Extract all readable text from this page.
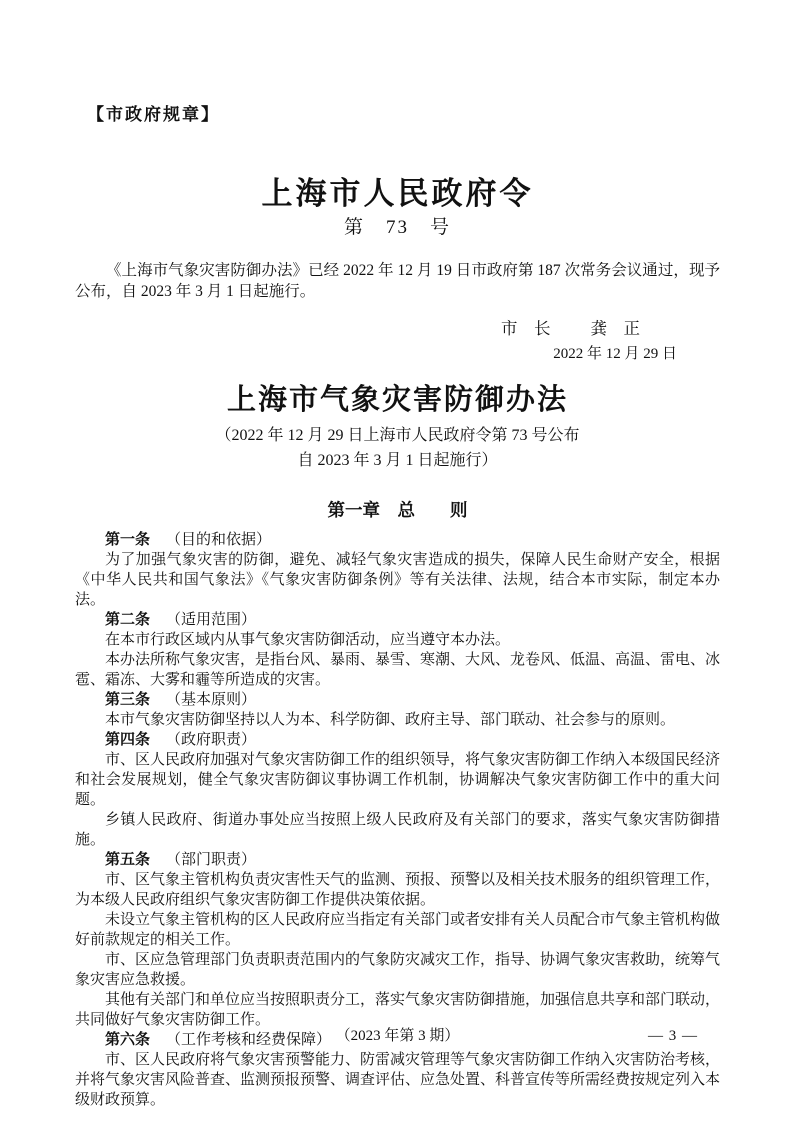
【市政府规章】
上海市人民政府令
第　73　号

《上海市气象灾害防御办法》已经 2022 年 12 月 19 日市政府第 187 次常务会议通过，现予公布，自 2023 年 3 月 1 日起施行。

市　长 龚　正
2022 年 12 月 29 日
上海市气象灾害防御办法
（2022 年 12 月 29 日上海市人民政府令第 73 号公布
自 2023 年 3 月 1 日起施行）
第一章　总　　则

第一条 （目的和依据）

为了加强气象灾害的防御，避免、减轻气象灾害造成的损失，保障人民生命财产安全，根据《中华人民共和国气象法》《气象灾害防御条例》等有关法律、法规，结合本市实际，制定本办法。

第二条 （适用范围）

在本市行政区域内从事气象灾害防御活动，应当遵守本办法。

本办法所称气象灾害，是指台风、暴雨、暴雪、寒潮、大风、龙卷风、低温、高温、雷电、冰雹、霜冻、大雾和霾等所造成的灾害。

第三条 （基本原则）

本市气象灾害防御坚持以人为本、科学防御、政府主导、部门联动、社会参与的原则。

第四条 （政府职责）

市、区人民政府加强对气象灾害防御工作的组织领导，将气象灾害防御工作纳入本级国民经济和社会发展规划，健全气象灾害防御议事协调工作机制，协调解决气象灾害防御工作中的重大问题。

乡镇人民政府、街道办事处应当按照上级人民政府及有关部门的要求，落实气象灾害防御措施。

第五条 （部门职责）

市、区气象主管机构负责灾害性天气的监测、预报、预警以及相关技术服务的组织管理工作，为本级人民政府组织气象灾害防御工作提供决策依据。

未设立气象主管机构的区人民政府应当指定有关部门或者安排有关人员配合市气象主管机构做好前款规定的相关工作。

市、区应急管理部门负责职责范围内的气象防灾减灾工作，指导、协调气象灾害救助，统筹气象灾害应急救援。

其他有关部门和单位应当按照职责分工，落实气象灾害防御措施，加强信息共享和部门联动，共同做好气象灾害防御工作。

第六条 （工作考核和经费保障）

市、区人民政府将气象灾害预警能力、防雷减灾管理等气象灾害防御工作纳入灾害防治考核，并将气象灾害风险普查、监测预报预警、调查评估、应急处置、科普宣传等所需经费按规定列入本级财政预算。

（2023 年第 3 期）	— 3 —
